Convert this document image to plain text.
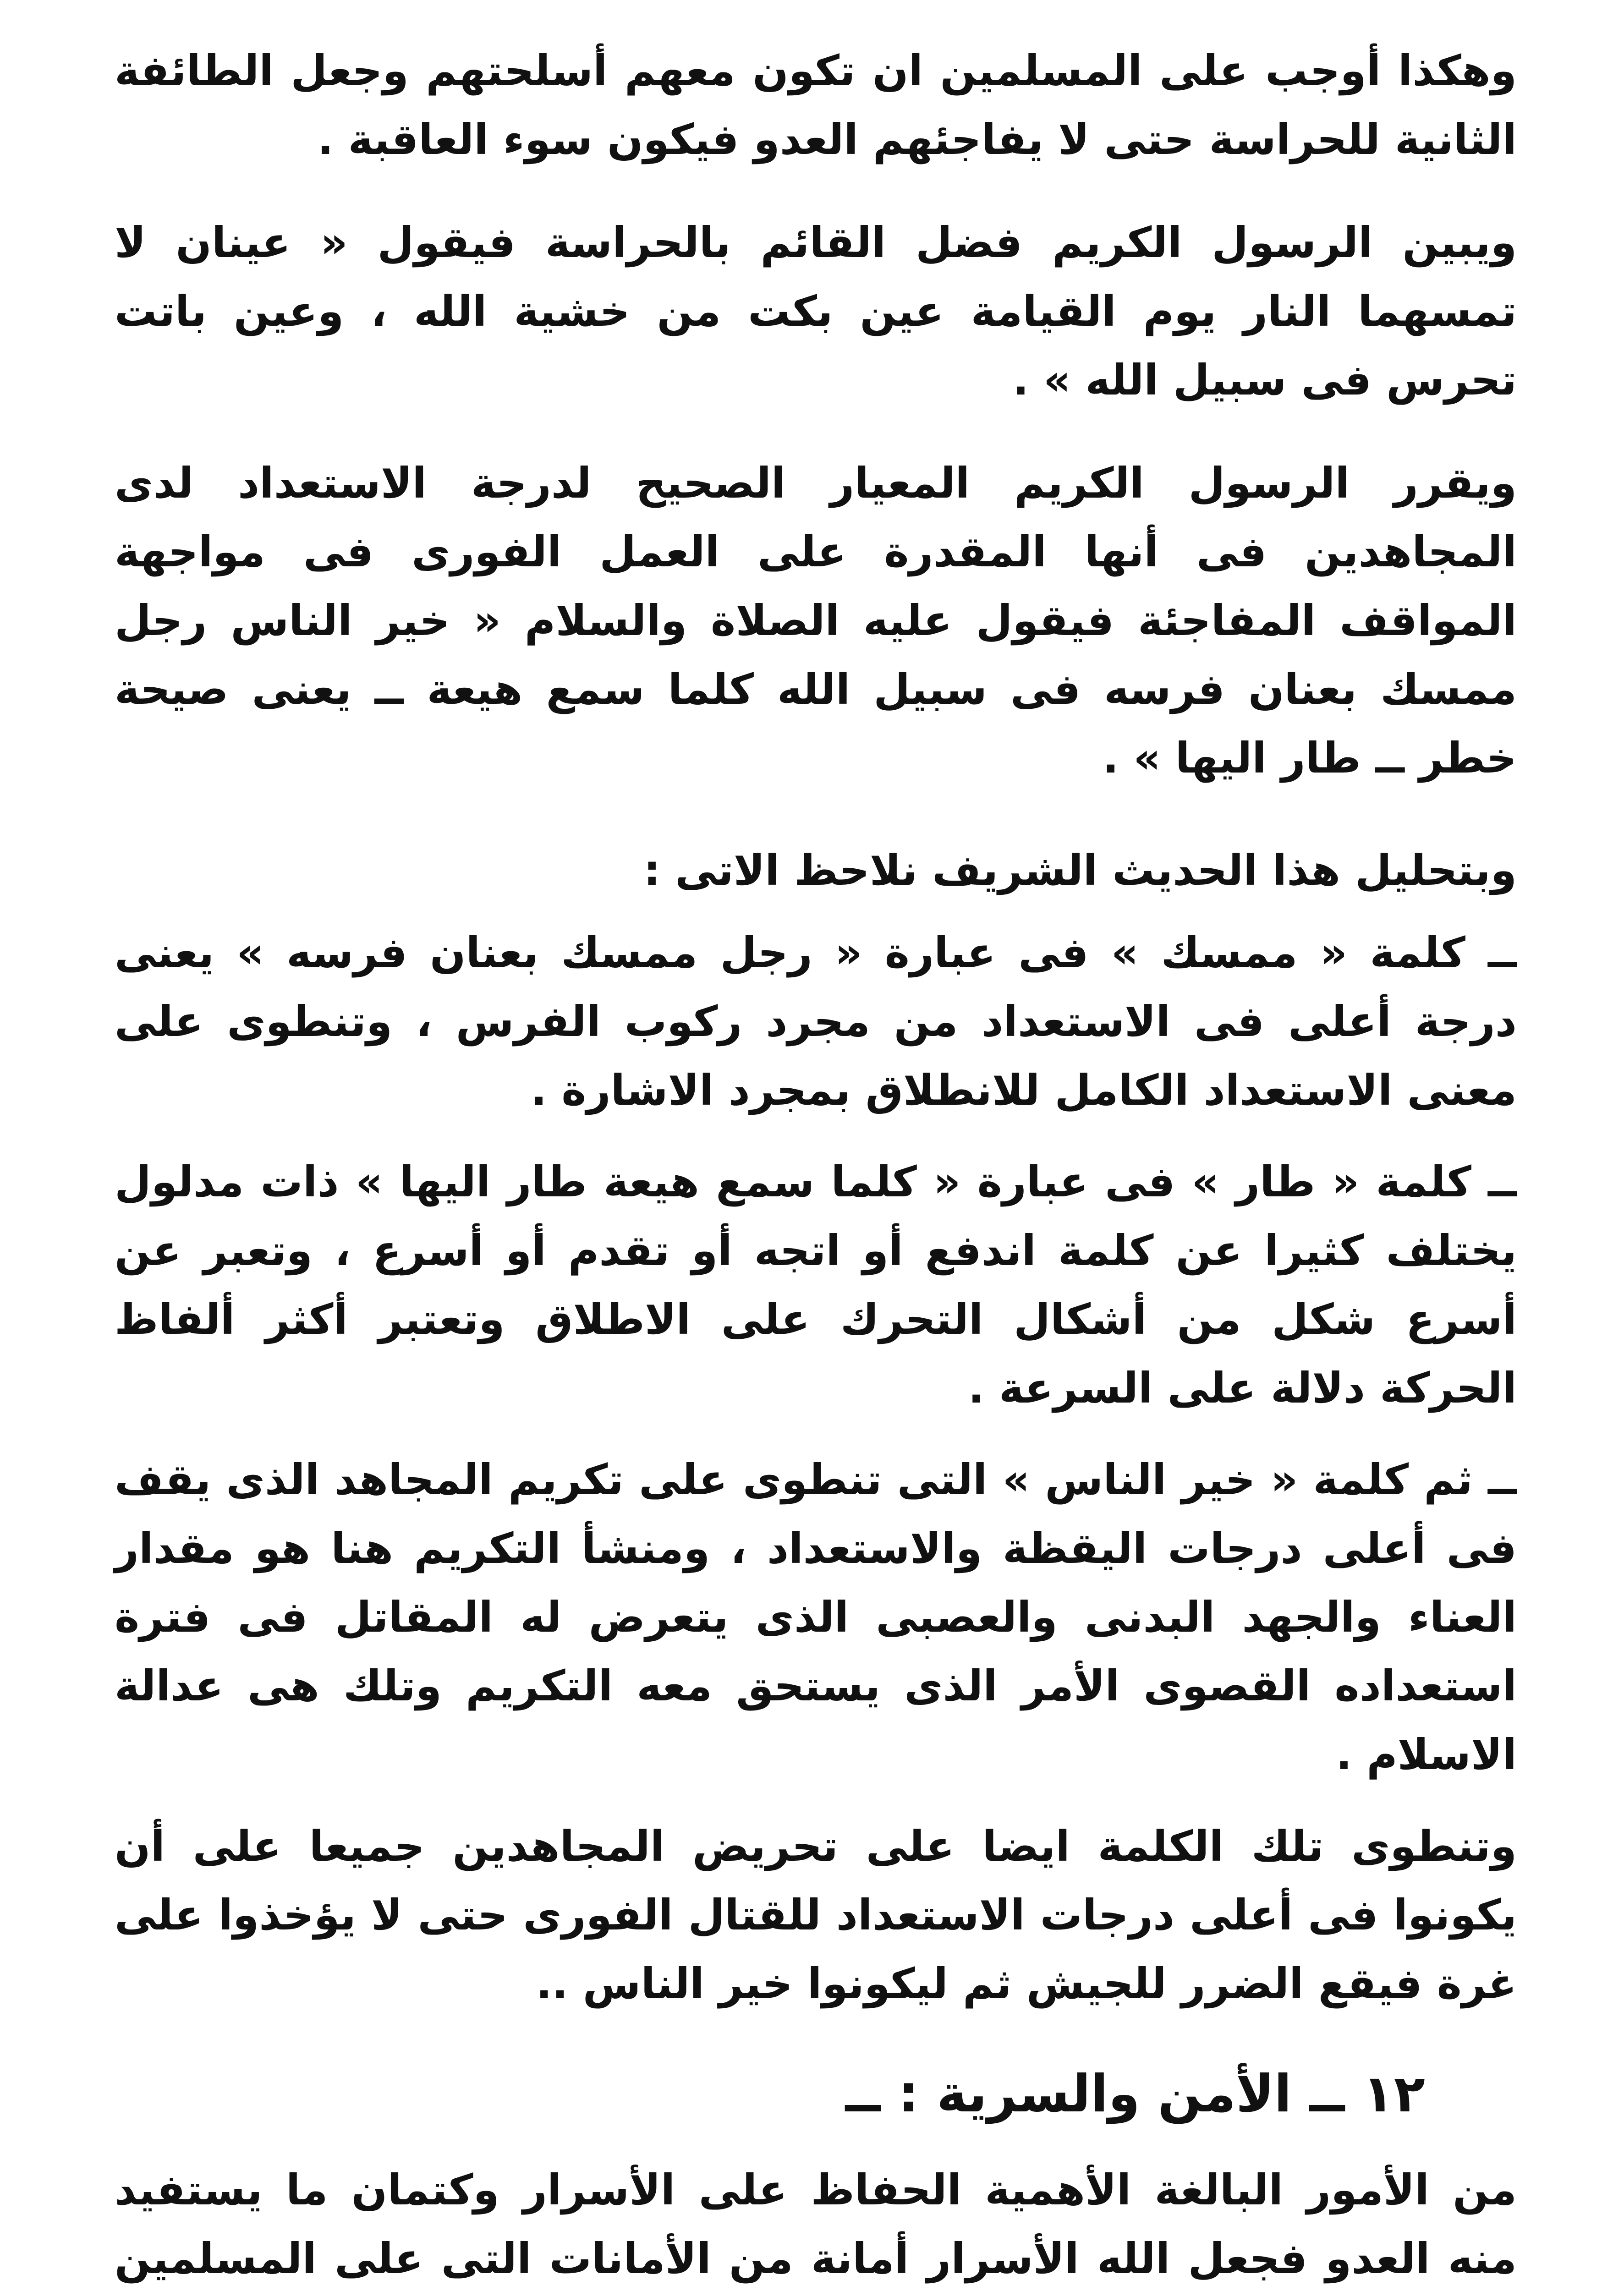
وهكذا أوجب على المسلمين ان تكون معهم أسلحتهم وجعل الطائفة الثانية للحراسة حتى لا يفاجئهم العدو فيكون سوء العاقبة .

ويبين الرسول الكريم فضل القائم بالحراسة فيقول « عينان لا تمسهما النار يوم القيامة عين بكت من خشية الله ، وعين باتت تحرس فى سبيل الله » .

ويقرر الرسول الكريم المعيار الصحيح لدرجة الاستعداد لدى المجاهدين فى أنها المقدرة على العمل الفورى فى مواجهة المواقف المفاجئة فيقول عليه الصلاة والسلام « خير الناس رجل ممسك بعنان فرسه فى سبيل الله كلما سمع هيعة ــ يعنى صيحة خطر ــ طار اليها » .

وبتحليل هذا الحديث الشريف نلاحظ الاتى :

ــ كلمة « ممسك » فى عبارة « رجل ممسك بعنان فرسه » يعنى درجة أعلى فى الاستعداد من مجرد ركوب الفرس ، وتنطوى على معنى الاستعداد الكامل للانطلاق بمجرد الاشارة .

ــ كلمة « طار » فى عبارة « كلما سمع هيعة طار اليها » ذات مدلول يختلف كثيرا عن كلمة اندفع أو اتجه أو تقدم أو أسرع ، وتعبر عن أسرع شكل من أشكال التحرك على الاطلاق وتعتبر أكثر ألفاظ الحركة دلالة على السرعة .

ــ ثم كلمة « خير الناس » التى تنطوى على تكريم المجاهد الذى يقف فى أعلى درجات اليقظة والاستعداد ، ومنشأ التكريم هنا هو مقدار العناء والجهد البدنى والعصبى الذى يتعرض له المقاتل فى فترة استعداده القصوى الأمر الذى يستحق معه التكريم وتلك هى عدالة الاسلام .

وتنطوى تلك الكلمة ايضا على تحريض المجاهدين جميعا على أن يكونوا فى أعلى درجات الاستعداد للقتال الفورى حتى لا يؤخذوا على غرة فيقع الضرر للجيش ثم ليكونوا خير الناس ..

١٢ ــ الأمن والسرية : ــ

من الأمور البالغة الأهمية الحفاظ على الأسرار وكتمان ما يستفيد منه العدو فجعل الله الأسرار أمانة من الأمانات التى على المسلمين
